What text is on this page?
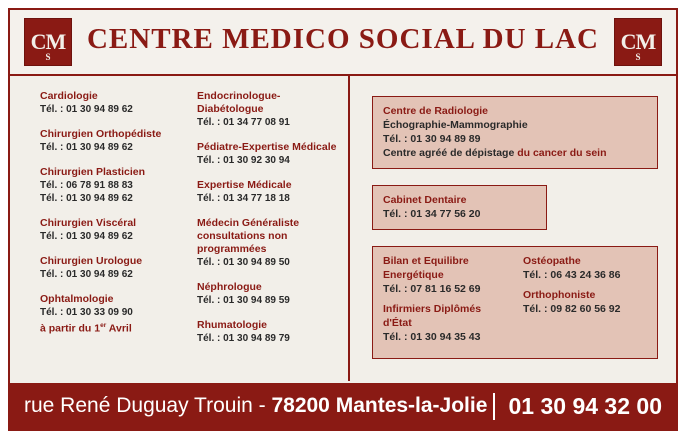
CM
S
CENTRE MEDICO SOCIAL DU LAC CM
S
Cardiologie
Tél. : 01 30 94 89 62
Chirurgien Orthopédiste
Tél. : 01 30 94 89 62
Chirurgien Plasticien
Tél. : 06 78 91 88 83
Tél. : 01 30 94 89 62
Chirurgien Viscéral
Tél. : 01 30 94 89 62
Chirurgien Urologue
Tél. : 01 30 94 89 62
Ophtalmologie
Tél. : 01 30 33 09 90
à partir du 1er Avril
Endocrinologue-Diabétologue
Tél. : 01 34 77 08 91
Pédiatre-Expertise Médicale
Tél. : 01 30 92 30 94
Expertise Médicale
Tél. : 01 34 77 18 18
Médecin Généraliste
consultations non programmées
Tél. : 01 30 94 89 50
Néphrologue
Tél. : 01 30 94 89 59
Rhumatologie
Tél. : 01 30 94 89 79
Centre de Radiologie
Échographie-Mammographie
Tél. : 01 30 94 89 89
Centre agréé de dépistage du cancer du sein
Cabinet Dentaire
Tél. : 01 34 77 56 20
Bilan et Equilibre Energétique
Tél. : 07 81 16 52 69
Infirmiers Diplômés d'État
Tél. : 01 30 94 35 43
Ostéopathe
Tél. : 06 43 24 36 86
Orthophoniste
Tél. : 09 82 60 56 92
rue René Duguay Trouin - 78200 Mantes-la-Jolie 01 30 94 32 00
